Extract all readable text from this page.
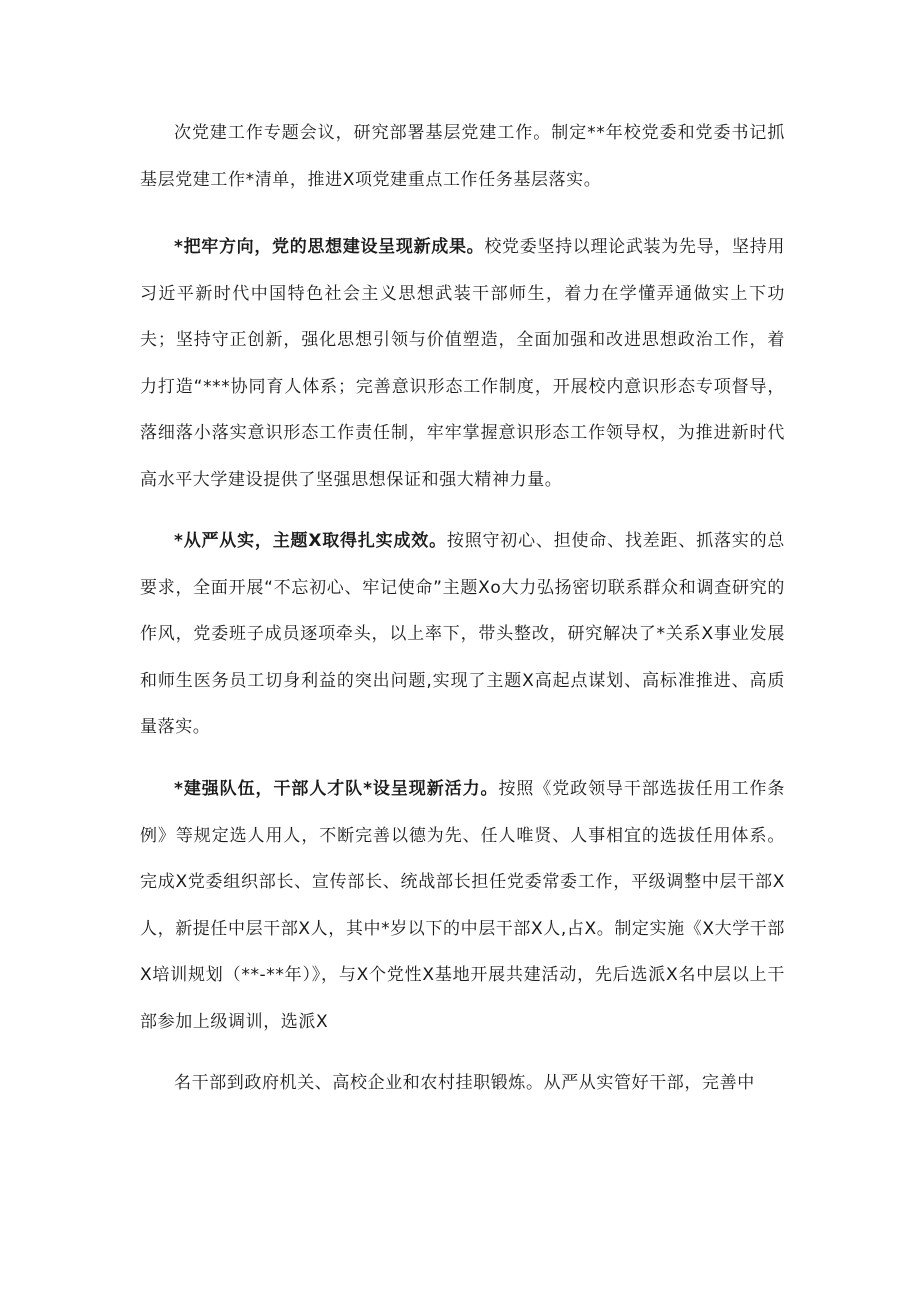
次党建工作专题会议，研究部署基层党建工作。制定**年校党委和党委书记抓基层党建工作*清单，推进X项党建重点工作任务基层落实。

*把牢方向，党的思想建设呈现新成果。校党委坚持以理论武装为先导，坚持用习近平新时代中国特色社会主义思想武装干部师生，着力在学懂弄通做实上下功夫；坚持守正创新，强化思想引领与价值塑造，全面加强和改进思想政治工作，着力打造“***协同育人体系；完善意识形态工作制度，开展校内意识形态专项督导，落细落小落实意识形态工作责任制，牢牢掌握意识形态工作领导权，为推进新时代高水平大学建设提供了坚强思想保证和强大精神力量。

*从严从实，主题X取得扎实成效。按照守初心、担使命、找差距、抓落实的总要求，全面开展“不忘初心、牢记使命”主题Xo大力弘扬密切联系群众和调查研究的作风，党委班子成员逐项牵头，以上率下，带头整改，研究解决了*关系X事业发展和师生医务员工切身利益的突出问题,实现了主题X高起点谋划、高标准推进、高质量落实。

*建强队伍，干部人才队*设呈现新活力。按照《党政领导干部选拔任用工作条例》等规定选人用人，不断完善以德为先、任人唯贤、人事相宜的选拔任用体系。完成X党委组织部长、宣传部长、统战部长担任党委常委工作，平级调整中层干部X人，新提任中层干部X人，其中*岁以下的中层干部X人,占X。制定实施《X大学干部X培训规划（**-**年）》，与X个党性X基地开展共建活动，先后选派X名中层以上干部参加上级调训，选派X

名干部到政府机关、高校企业和农村挂职锻炼。从严从实管好干部，完善中
